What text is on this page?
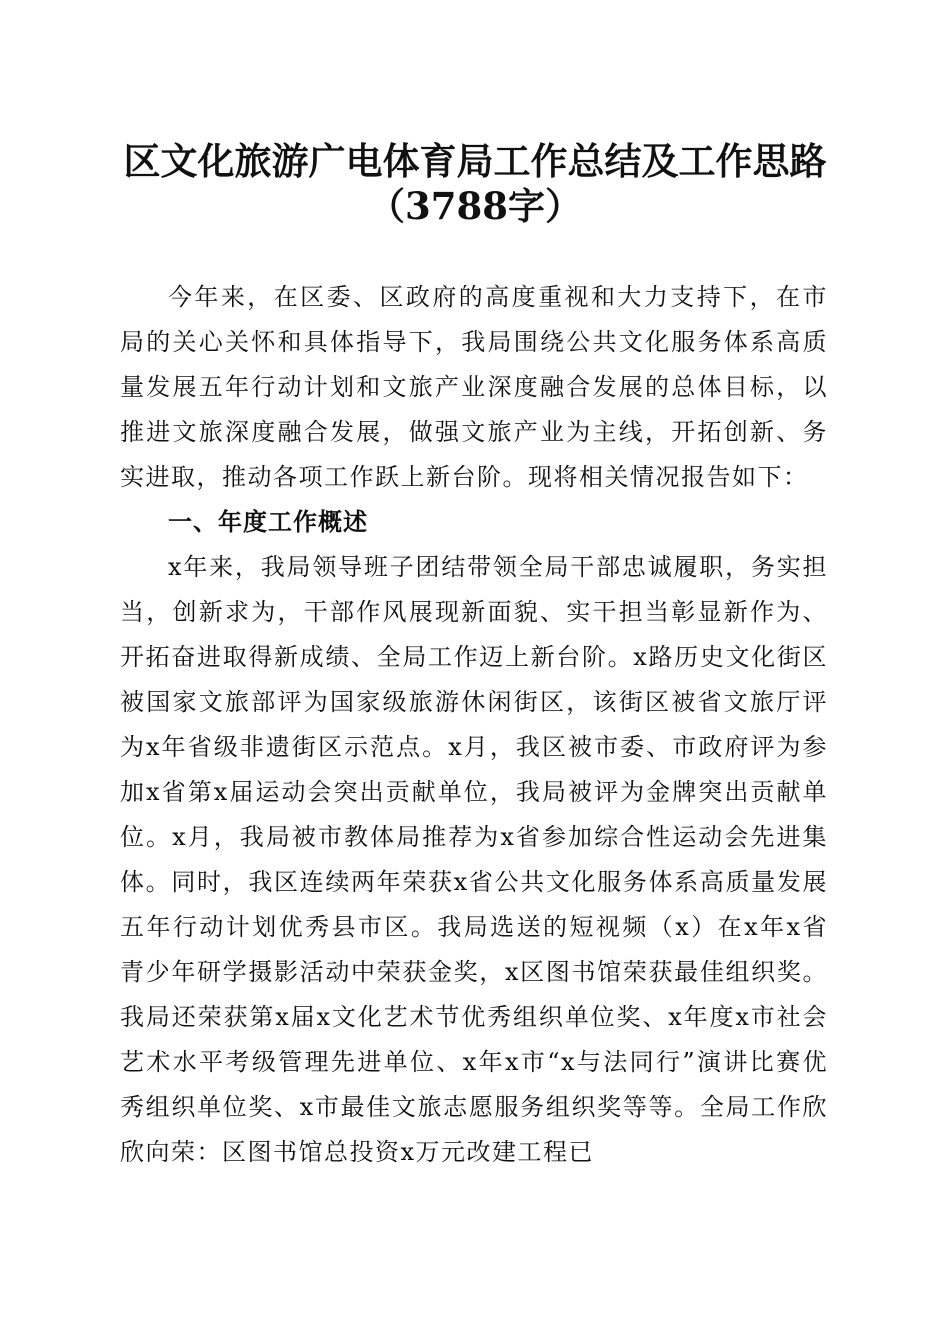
区文化旅游广电体育局工作总结及工作思路
（3788字）

今年来，在区委、区政府的高度重视和大力支持下，在市局的关心关怀和具体指导下，我局围绕公共文化服务体系高质量发展五年行动计划和文旅产业深度融合发展的总体目标，以推进文旅深度融合发展，做强文旅产业为主线，开拓创新、务实进取，推动各项工作跃上新台阶。现将相关情况报告如下：

一、年度工作概述

x年来，我局领导班子团结带领全局干部忠诚履职，务实担当，创新求为，干部作风展现新面貌、实干担当彰显新作为、开拓奋进取得新成绩、全局工作迈上新台阶。x路历史文化街区被国家文旅部评为国家级旅游休闲街区，该街区被省文旅厅评为x年省级非遗街区示范点。x月，我区被市委、市政府评为参加x省第x届运动会突出贡献单位，我局被评为金牌突出贡献单位。x月，我局被市教体局推荐为x省参加综合性运动会先进集体。同时，我区连续两年荣获x省公共文化服务体系高质量发展五年行动计划优秀县市区。我局选送的短视频（x）在x年x省青少年研学摄影活动中荣获金奖，x区图书馆荣获最佳组织奖。我局还荣获第x届x文化艺术节优秀组织单位奖、x年度x市社会艺术水平考级管理先进单位、x年x市“x与法同行”演讲比赛优秀组织单位奖、x市最佳文旅志愿服务组织奖等等。全局工作欣欣向荣：区图书馆总投资x万元改建工程已
